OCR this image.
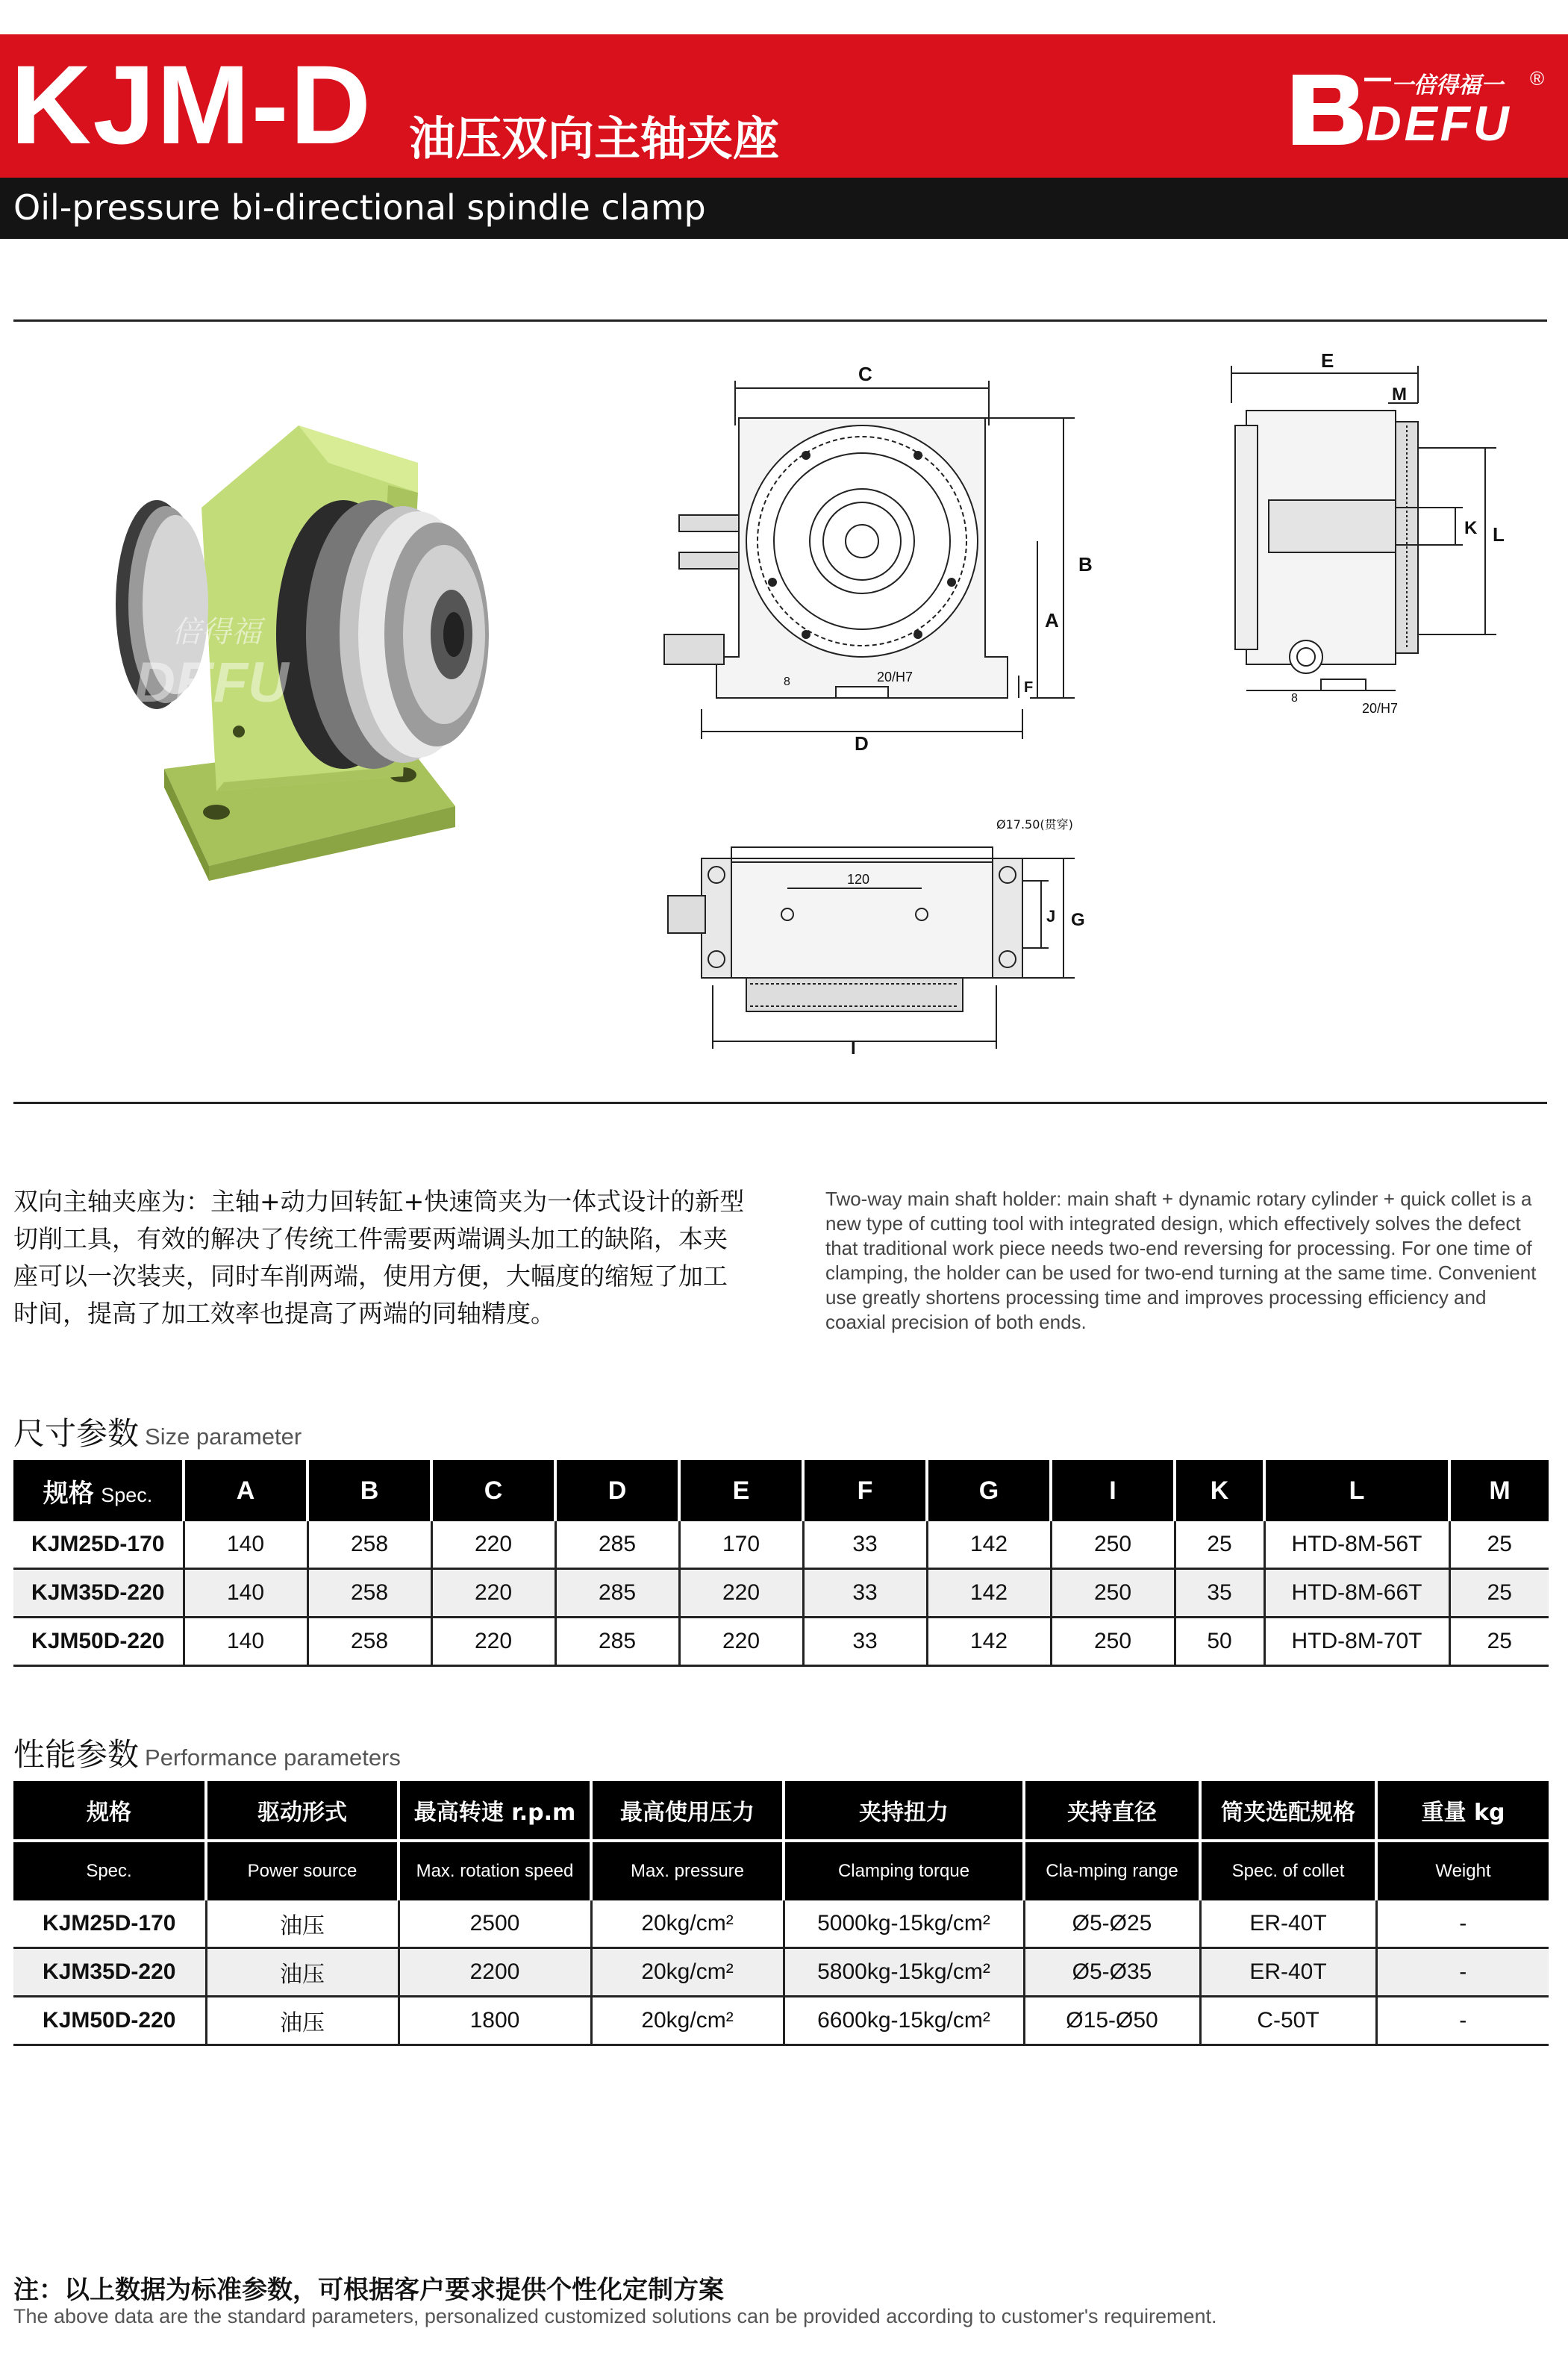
KJM-D 油压双向主轴夹座
一倍得福一
DEFU
®
Oil-pressure bi-directional spindle clamp
倍得福
DEFU
C
D
B
A
F
8	20/H7
E
M
K L
8
20/H7
Ø17.50(贯穿)
120
J G
I
双向主轴夹座为：主轴+动力回转缸+快速筒夹为一体式设计的新型切削工具，有效的解决了传统工件需要两端调头加工的缺陷，本夹座可以一次装夹，同时车削两端，使用方便，大幅度的缩短了加工时间，提高了加工效率也提高了两端的同轴精度。
Two-way main shaft holder: main shaft + dynamic rotary cylinder + quick collet is a new type of cutting tool with integrated design, which effectively solves the defect that traditional work piece needs two-end reversing for processing. For one time of clamping, the holder can be used for two-end turning at the same time. Convenient use greatly shortens processing time and improves processing efficiency and coaxial precision of both ends.
尺寸参数 Size parameter
规格 Spec.	A	B	C	D	E	F	G	I	K	L	M
KJM25D-170	140	258	220	285	170	33	142	250	25	HTD-8M-56T	25
KJM35D-220	140	258	220	285	220	33	142	250	35	HTD-8M-66T	25
KJM50D-220	140	258	220	285	220	33	142	250	50	HTD-8M-70T	25
性能参数 Performance parameters
规格	驱动形式	最高转速 r.p.m	最高使用压力	夹持扭力	夹持直径	筒夹选配规格	重量 kg
Spec.	Power source	Max. rotation speed	Max. pressure	Clamping torque	Cla-mping range	Spec. of collet	Weight
KJM25D-170	油压	2500	20kg/cm²	5000kg-15kg/cm²	Ø5-Ø25	ER-40T	-
KJM35D-220	油压	2200	20kg/cm²	5800kg-15kg/cm²	Ø5-Ø35	ER-40T	-
KJM50D-220	油压	1800	20kg/cm²	6600kg-15kg/cm²	Ø15-Ø50	C-50T	-
注：以上数据为标准参数，可根据客户要求提供个性化定制方案
The above data are the standard parameters, personalized customized solutions can be provided according to customer's requirement.
